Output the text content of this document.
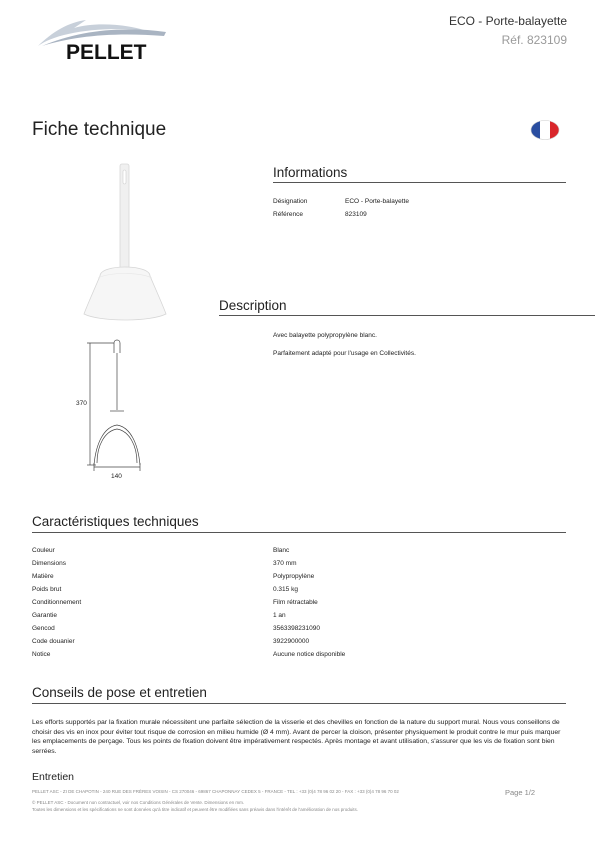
PELLET
ECO - Porte-balayette
Réf. 823109
Fiche technique
Informations
Désignation	ECO - Porte-balayette
Référence	823109
Description
Avec balayette polypropylène blanc.
Parfaitement adapté pour l'usage en Collectivités.
370
140
Caractéristiques techniques
Couleur	Blanc
Dimensions	370 mm
Matière	Polypropylène
Poids brut	0.315 kg
Conditionnement	Film rétractable
Garantie	1 an
Gencod	3563398231090
Code douanier	3922900000
Notice	Aucune notice disponible
Conseils de pose et entretien
Les efforts supportés par la fixation murale nécessitent une parfaite sélection de la visserie et des chevilles en fonction de la nature du support mural. Nous vous conseillons de choisir des vis en inox pour éviter tout risque de corrosion en milieu humide (Ø 4 mm). Avant de percer la cloison, présenter physiquement le produit contre le mur puis marquer les emplacements de perçage. Tous les points de fixation doivent être impérativement respectés. Après montage et avant utilisation, s'assurer que les vis de fixation sont bien serrées.
Entretien
PELLET ASC - ZI DE CHAPOTIN - 240 RUE DES FRÈRES VOISIN - CS 270046 - 69867 CHAPONNAY CEDEX 5 - FRANCE - TEL : +33 (0)4 78 96 02 20 - FAX : +33 (0)4 78 96 70 02	Page 1/2
© PELLET ASC - Document non contractuel, voir nos Conditions Générales de Vente. Dimensions en mm.
Toutes les dimensions et les spécifications ne sont données qu'à titre indicatif et peuvent être modifiées sans préavis dans l'intérêt de l'amélioration de nos produits.
